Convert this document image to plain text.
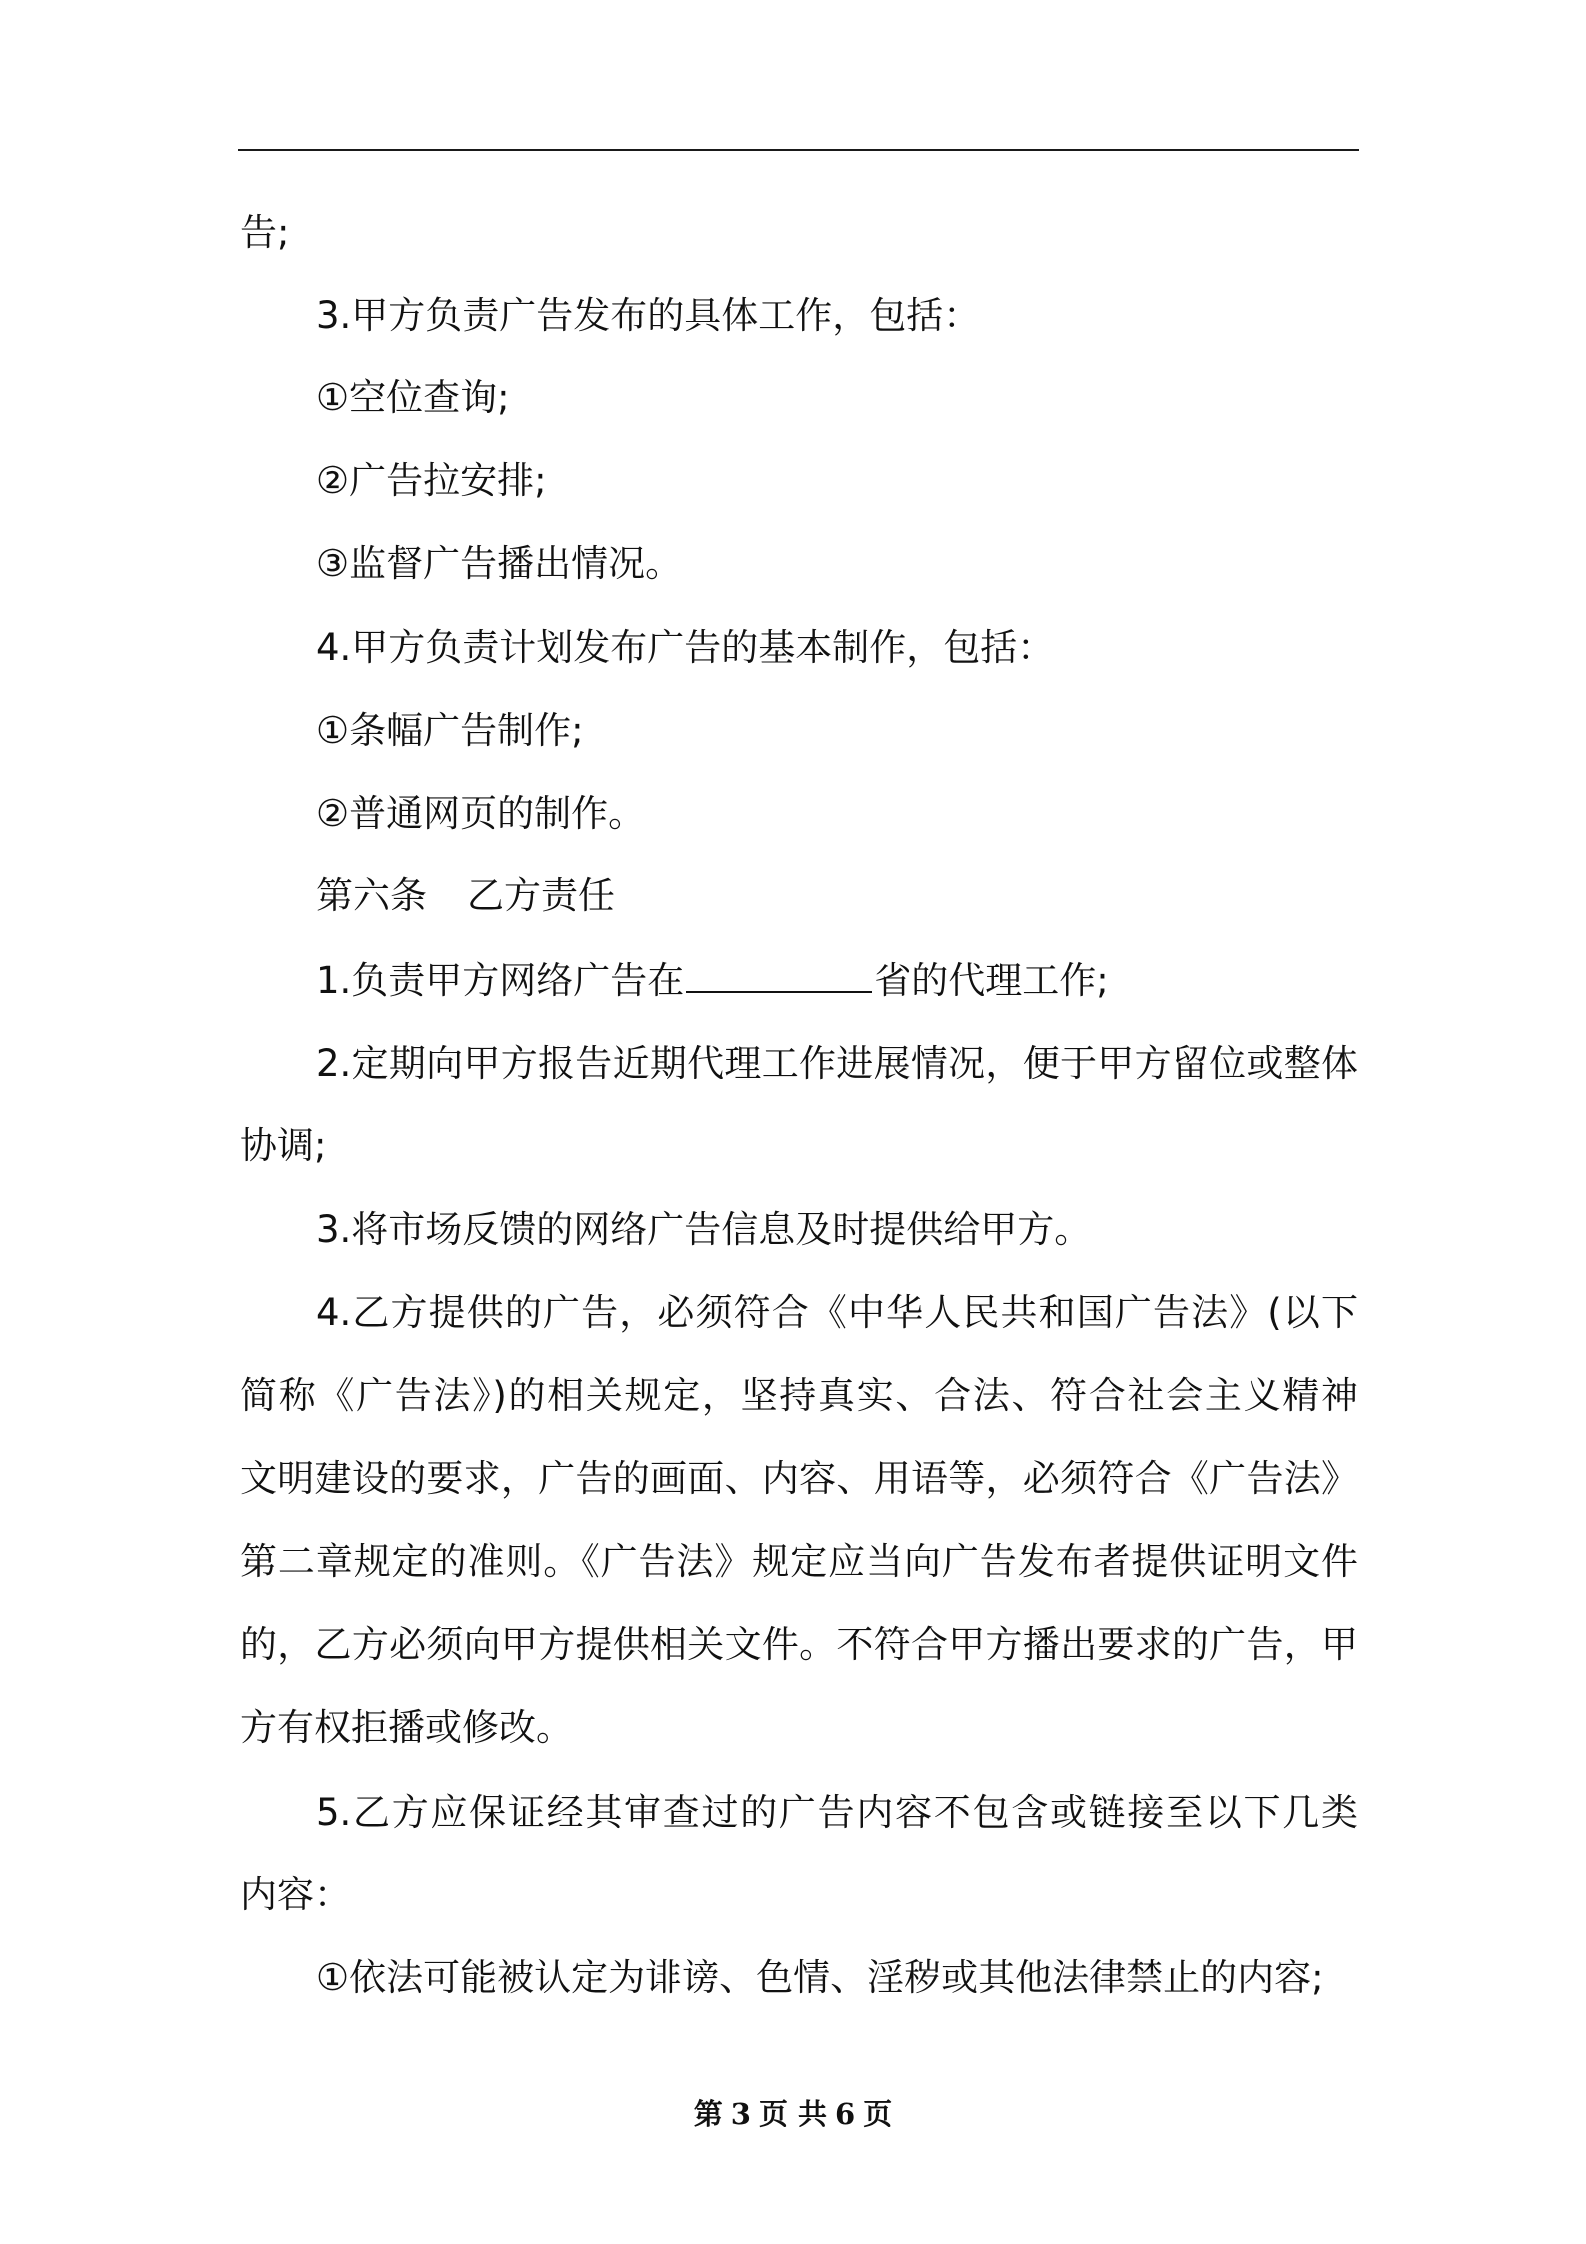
告;
3.甲方负责广告发布的具体工作，包括：
①空位查询;
②广告拉安排;
③监督广告播出情况。
4.甲方负责计划发布广告的基本制作，包括：
①条幅广告制作;
②普通网页的制作。
第六条 乙方责任
1.负责甲方网络广告在	省的代理工作;
2.定期向甲方报告近期代理工作进展情况，便于甲方留位或整体
协调;
3.将市场反馈的网络广告信息及时提供给甲方。
4.乙方提供的广告，必须符合《中华人民共和国广告法》(以下
简称《广告法》)的相关规定，坚持真实、合法、符合社会主义精神
文明建设的要求，广告的画面、内容、用语等，必须符合《广告法》
第二章规定的准则。《广告法》规定应当向广告发布者提供证明文件
的，乙方必须向甲方提供相关文件。不符合甲方播出要求的广告，甲
方有权拒播或修改。
5.乙方应保证经其审查过的广告内容不包含或链接至以下几类
内容：
①依法可能被认定为诽谤、色情、淫秽或其他法律禁止的内容;
第 3 页 共 6 页
